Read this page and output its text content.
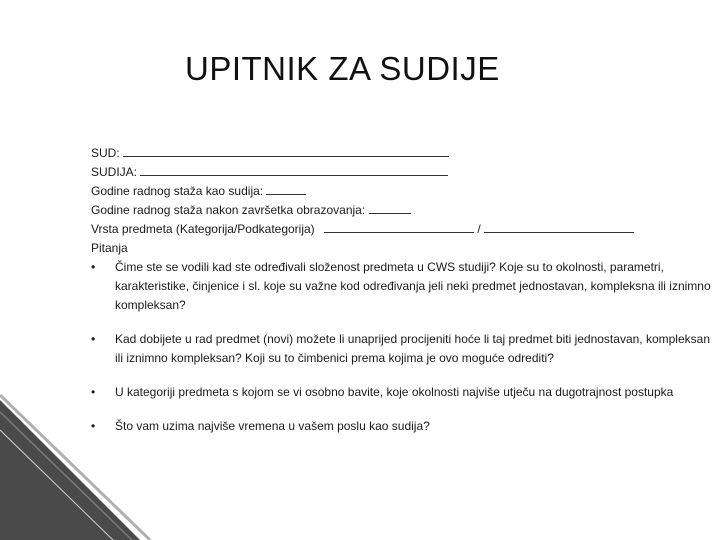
UPITNIK ZA SUDIJE
SUD:
SUDIJA:
Godine radnog staža kao sudija:
Godine radnog staža nakon završetka obrazovanja:
Vrsta predmeta (Kategorija/Podkategorija)	/
Pitanja
• Čime ste se vodili kad ste određivali složenost predmeta u CWS studiji? Koje su to okolnosti, parametri, karakteristike, činjenice i sl. koje su važne kod određivanja jeli neki predmet jednostavan, kompleksna ili iznimno kompleksan?
• Kad dobijete u rad predmet (novi) možete li unaprijed procijeniti hoće li taj predmet biti jednostavan, kompleksan ili iznimno kompleksan? Koji su to čimbenici prema kojima je ovo moguće odrediti?
• U kategoriji predmeta s kojom se vi osobno bavite, koje okolnosti najviše utječu na dugotrajnost postupka
• Što vam uzima najviše vremena u vašem poslu kao sudija?
